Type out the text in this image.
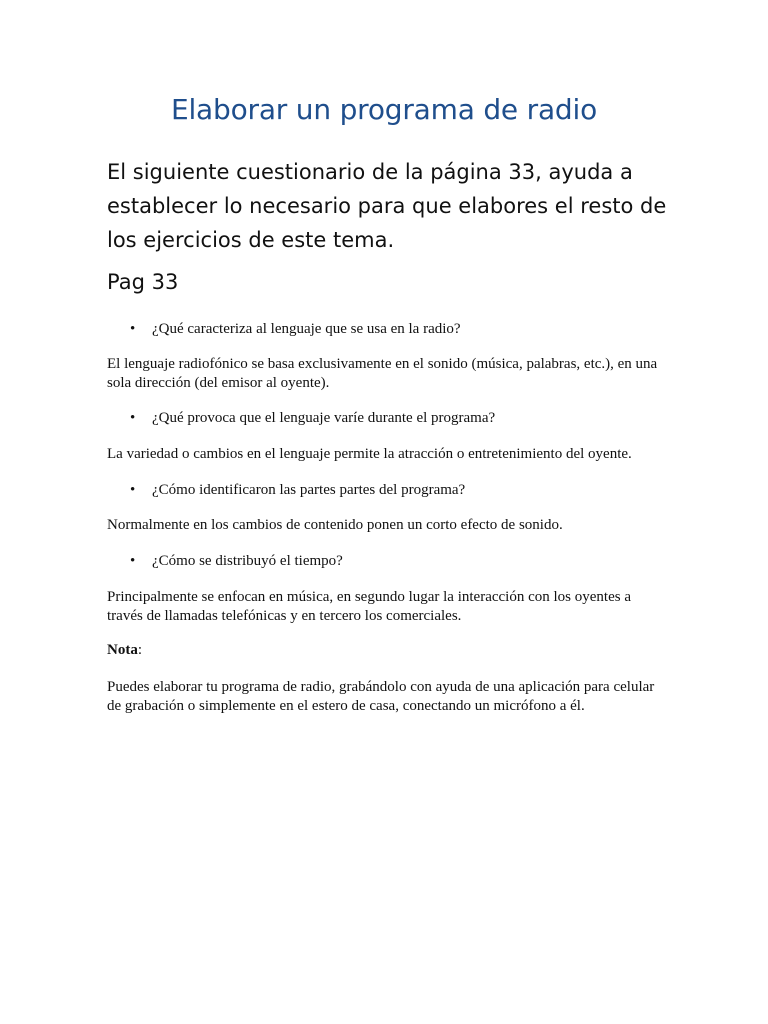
Elaborar un programa de radio

El siguiente cuestionario de la página 33, ayuda a establecer lo necesario para que elabores el resto de los ejercicios de este tema.

Pag 33

• ¿Qué caracteriza al lenguaje que se usa en la radio?

El lenguaje radiofónico se basa exclusivamente en el sonido (música, palabras, etc.), en una sola dirección (del emisor al oyente).

• ¿Qué provoca que el lenguaje varíe durante el programa?

La variedad o cambios en el lenguaje permite la atracción o entretenimiento del oyente.

• ¿Cómo identificaron las partes partes del programa?

Normalmente en los cambios de contenido ponen un corto efecto de sonido.

• ¿Cómo se distribuyó el tiempo?

Principalmente se enfocan en música, en segundo lugar la interacción con los oyentes a través de llamadas telefónicas y en tercero los comerciales.

Nota:

Puedes elaborar tu programa de radio, grabándolo con ayuda de una aplicación para celular de grabación o simplemente en el estero de casa, conectando un micrófono a él.
